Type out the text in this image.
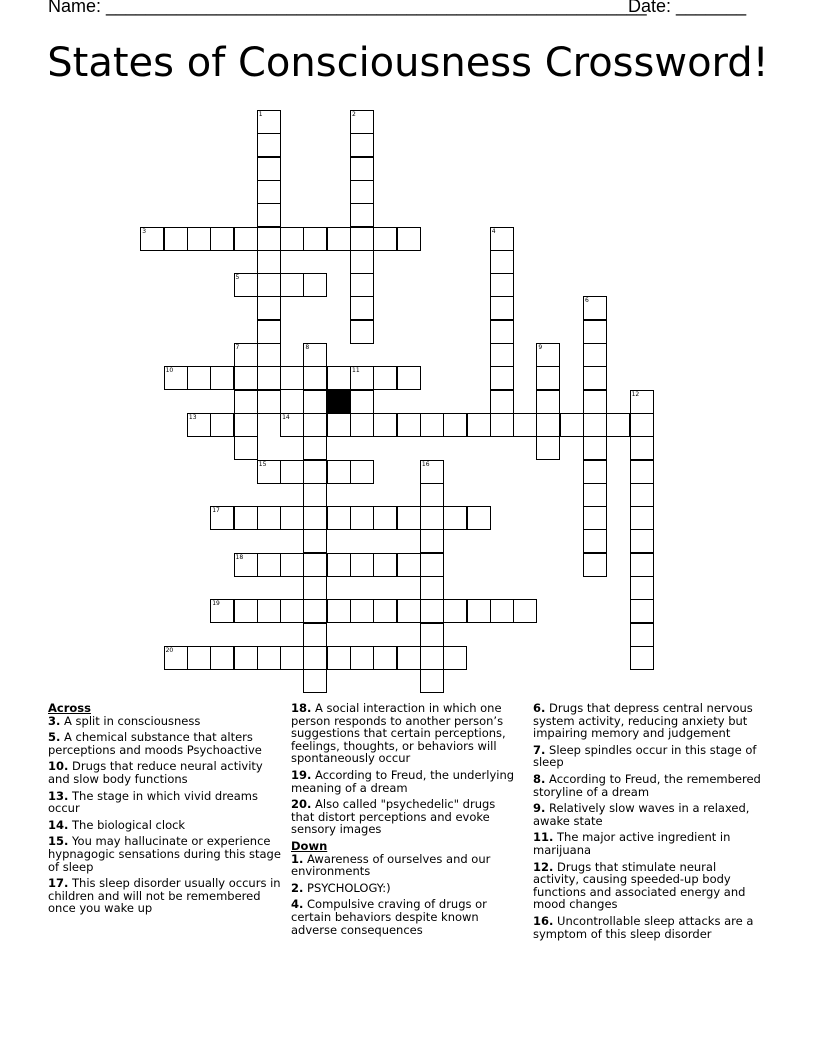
Name: ______________________________________________________
Date: _______
States of Consciousness Crossword!
1	2
3	4
5
6
7	8	9
10	11
12
13	14
15	16
17
18
19
20
Across
3. A split in consciousness
5. A chemical substance that alters perceptions and moods Psychoactive
10. Drugs that reduce neural activity and slow body functions
13. The stage in which vivid dreams occur
14. The biological clock
15. You may hallucinate or experience hypnagogic sensations during this stage of sleep
17. This sleep disorder usually occurs in children and will not be remembered once you wake up
18. A social interaction in which one person responds to another person’s suggestions that certain perceptions, feelings, thoughts, or behaviors will spontaneously occur
19. According to Freud, the underlying meaning of a dream
20. Also called "psychedelic" drugs that distort perceptions and evoke sensory images
Down
1. Awareness of ourselves and our environments
2. PSYCHOLOGY:)
4. Compulsive craving of drugs or certain behaviors despite known adverse consequences
6. Drugs that depress central nervous system activity, reducing anxiety but impairing memory and judgement
7. Sleep spindles occur in this stage of sleep
8. According to Freud, the remembered storyline of a dream
9. Relatively slow waves in a relaxed, awake state
11. The major active ingredient in marijuana
12. Drugs that stimulate neural activity, causing speeded-up body functions and associated energy and mood changes
16. Uncontrollable sleep attacks are a symptom of this sleep disorder
